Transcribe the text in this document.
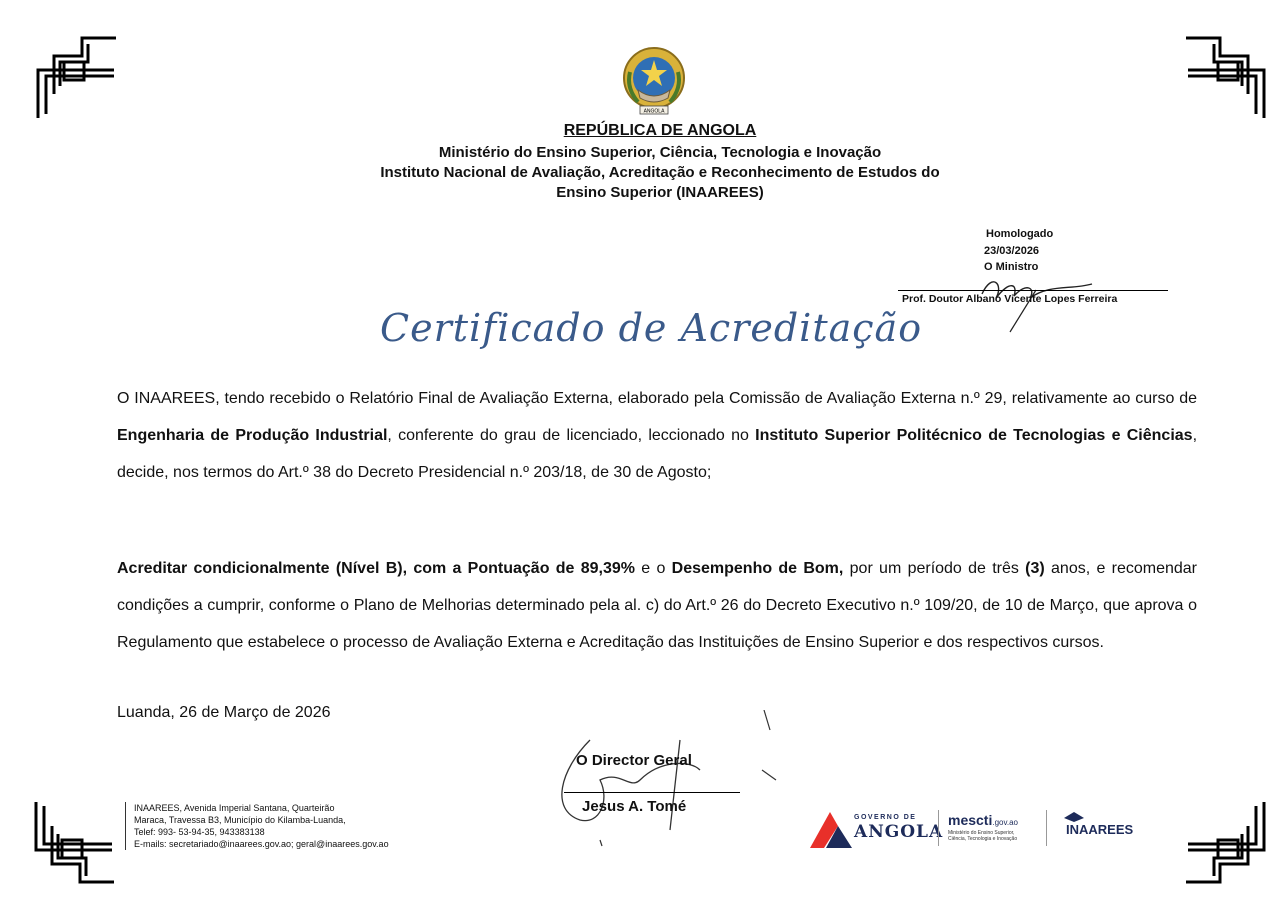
ANGOLA
REPÚBLICA DE ANGOLA
Ministério do Ensino Superior, Ciência, Tecnologia e Inovação
Instituto Nacional de Avaliação, Acreditação e Reconhecimento de Estudos do
Ensino Superior (INAAREES)
Homologado
23/03/2026
O Ministro
Prof. Doutor Albano Vicente Lopes Ferreira
Certificado de Acreditação
O INAAREES, tendo recebido o Relatório Final de Avaliação Externa, elaborado pela Comissão de Avaliação Externa n.º 29, relativamente ao curso de Engenharia de Produção Industrial, conferente do grau de licenciado, leccionado no Instituto Superior Politécnico de Tecnologias e Ciências, decide, nos termos do Art.º 38 do Decreto Presidencial n.º 203/18, de 30 de Agosto;
Acreditar condicionalmente (Nível B), com a Pontuação de 89,39% e o Desempenho de Bom, por um período de três (3) anos, e recomendar condições a cumprir, conforme o Plano de Melhorias determinado pela al. c) do Art.º 26 do Decreto Executivo n.º 109/20, de 10 de Março, que aprova o Regulamento que estabelece o processo de Avaliação Externa e Acreditação das Instituições de Ensino Superior e dos respectivos cursos.
Luanda, 26 de Março de 2026
O Director Geral
Jesus A. Tomé
INAAREES, Avenida Imperial Santana, Quarteirão
Maraca, Travessa B3, Município do Kilamba-Luanda,
Telef: 993- 53-94-35, 943383138
E-mails: secretariado@inaarees.gov.ao; geral@inaarees.gov.ao
GOVERNO DE
ANGOLA
mescti.gov.ao
Ministério do Ensino Superior,
Ciência, Tecnologia e Inovação
INAAREES
